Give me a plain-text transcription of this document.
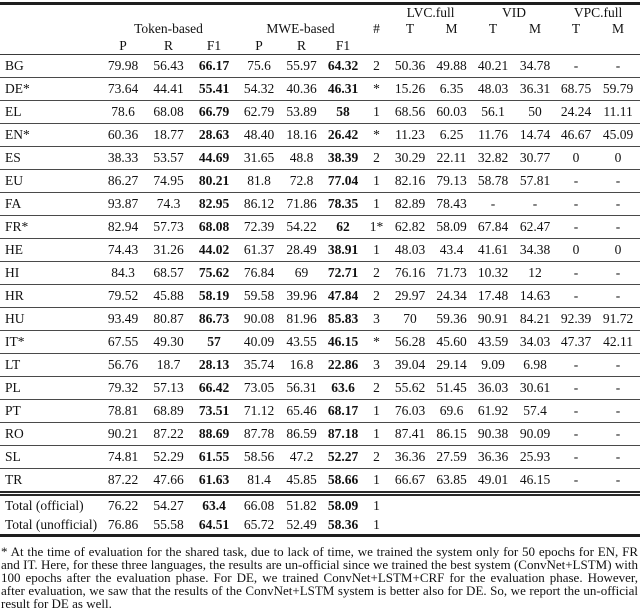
								LVC.full		VID		VPC.full	
	Token-based			MWE-based			#	T	M	T	M	T	M
	P	R	F1	P	R	F1							
BG	79.98	56.43	66.17	75.6	55.97	64.32	2	50.36	49.88	40.21	34.78	-	-
DE*	73.64	44.41	55.41	54.32	40.36	46.31	*	15.26	6.35	48.03	36.31	68.75	59.79
EL	78.6	68.08	66.79	62.79	53.89	58	1	68.56	60.03	56.1	50	24.24	11.11
EN*	60.36	18.77	28.63	48.40	18.16	26.42	*	11.23	6.25	11.76	14.74	46.67	45.09
ES	38.33	53.57	44.69	31.65	48.8	38.39	2	30.29	22.11	32.82	30.77	0	0
EU	86.27	74.95	80.21	81.8	72.8	77.04	1	82.16	79.13	58.78	57.81	-	-
FA	93.87	74.3	82.95	86.12	71.86	78.35	1	82.89	78.43	-	-	-	-
FR*	82.94	57.73	68.08	72.39	54.22	62	1*	62.82	58.09	67.84	62.47	-	-
HE	74.43	31.26	44.02	61.37	28.49	38.91	1	48.03	43.4	41.61	34.38	0	0
HI	84.3	68.57	75.62	76.84	69	72.71	2	76.16	71.73	10.32	12	-	-
HR	79.52	45.88	58.19	59.58	39.96	47.84	2	29.97	24.34	17.48	14.63	-	-
HU	93.49	80.87	86.73	90.08	81.96	85.83	3	70	59.36	90.91	84.21	92.39	91.72
IT*	67.55	49.30	57	40.09	43.55	46.15	*	56.28	45.60	43.59	34.03	47.37	42.11
LT	56.76	18.7	28.13	35.74	16.8	22.86	3	39.04	29.14	9.09	6.98	-	-
PL	79.32	57.13	66.42	73.05	56.31	63.6	2	55.62	51.45	36.03	30.61	-	-
PT	78.81	68.89	73.51	71.12	65.46	68.17	1	76.03	69.6	61.92	57.4	-	-
RO	90.21	87.22	88.69	87.78	86.59	87.18	1	87.41	86.15	90.38	90.09	-	-
SL	74.81	52.29	61.55	58.56	47.2	52.27	2	36.36	27.59	36.36	25.93	-	-
TR	87.22	47.66	61.63	81.4	45.85	58.66	1	66.67	63.85	49.01	46.15	-	-
Total (official)	76.22	54.27	63.4	66.08	51.82	58.09	1						
Total (unofficial)	76.86	55.58	64.51	65.72	52.49	58.36	1						
* At the time of evaluation for the shared task, due to lack of time, we trained the system only for 50 epochs for EN, FR and IT. Here, for these three languages, the results are un-official since we trained the best system (ConvNet+LSTM) with 100 epochs after the evaluation phase. For DE, we trained ConvNet+LSTM+CRF for the evaluation phase. However, after evaluation, we saw that the results of the ConvNet+LSTM system is better also for DE. So, we report the un-official result for DE as well.
